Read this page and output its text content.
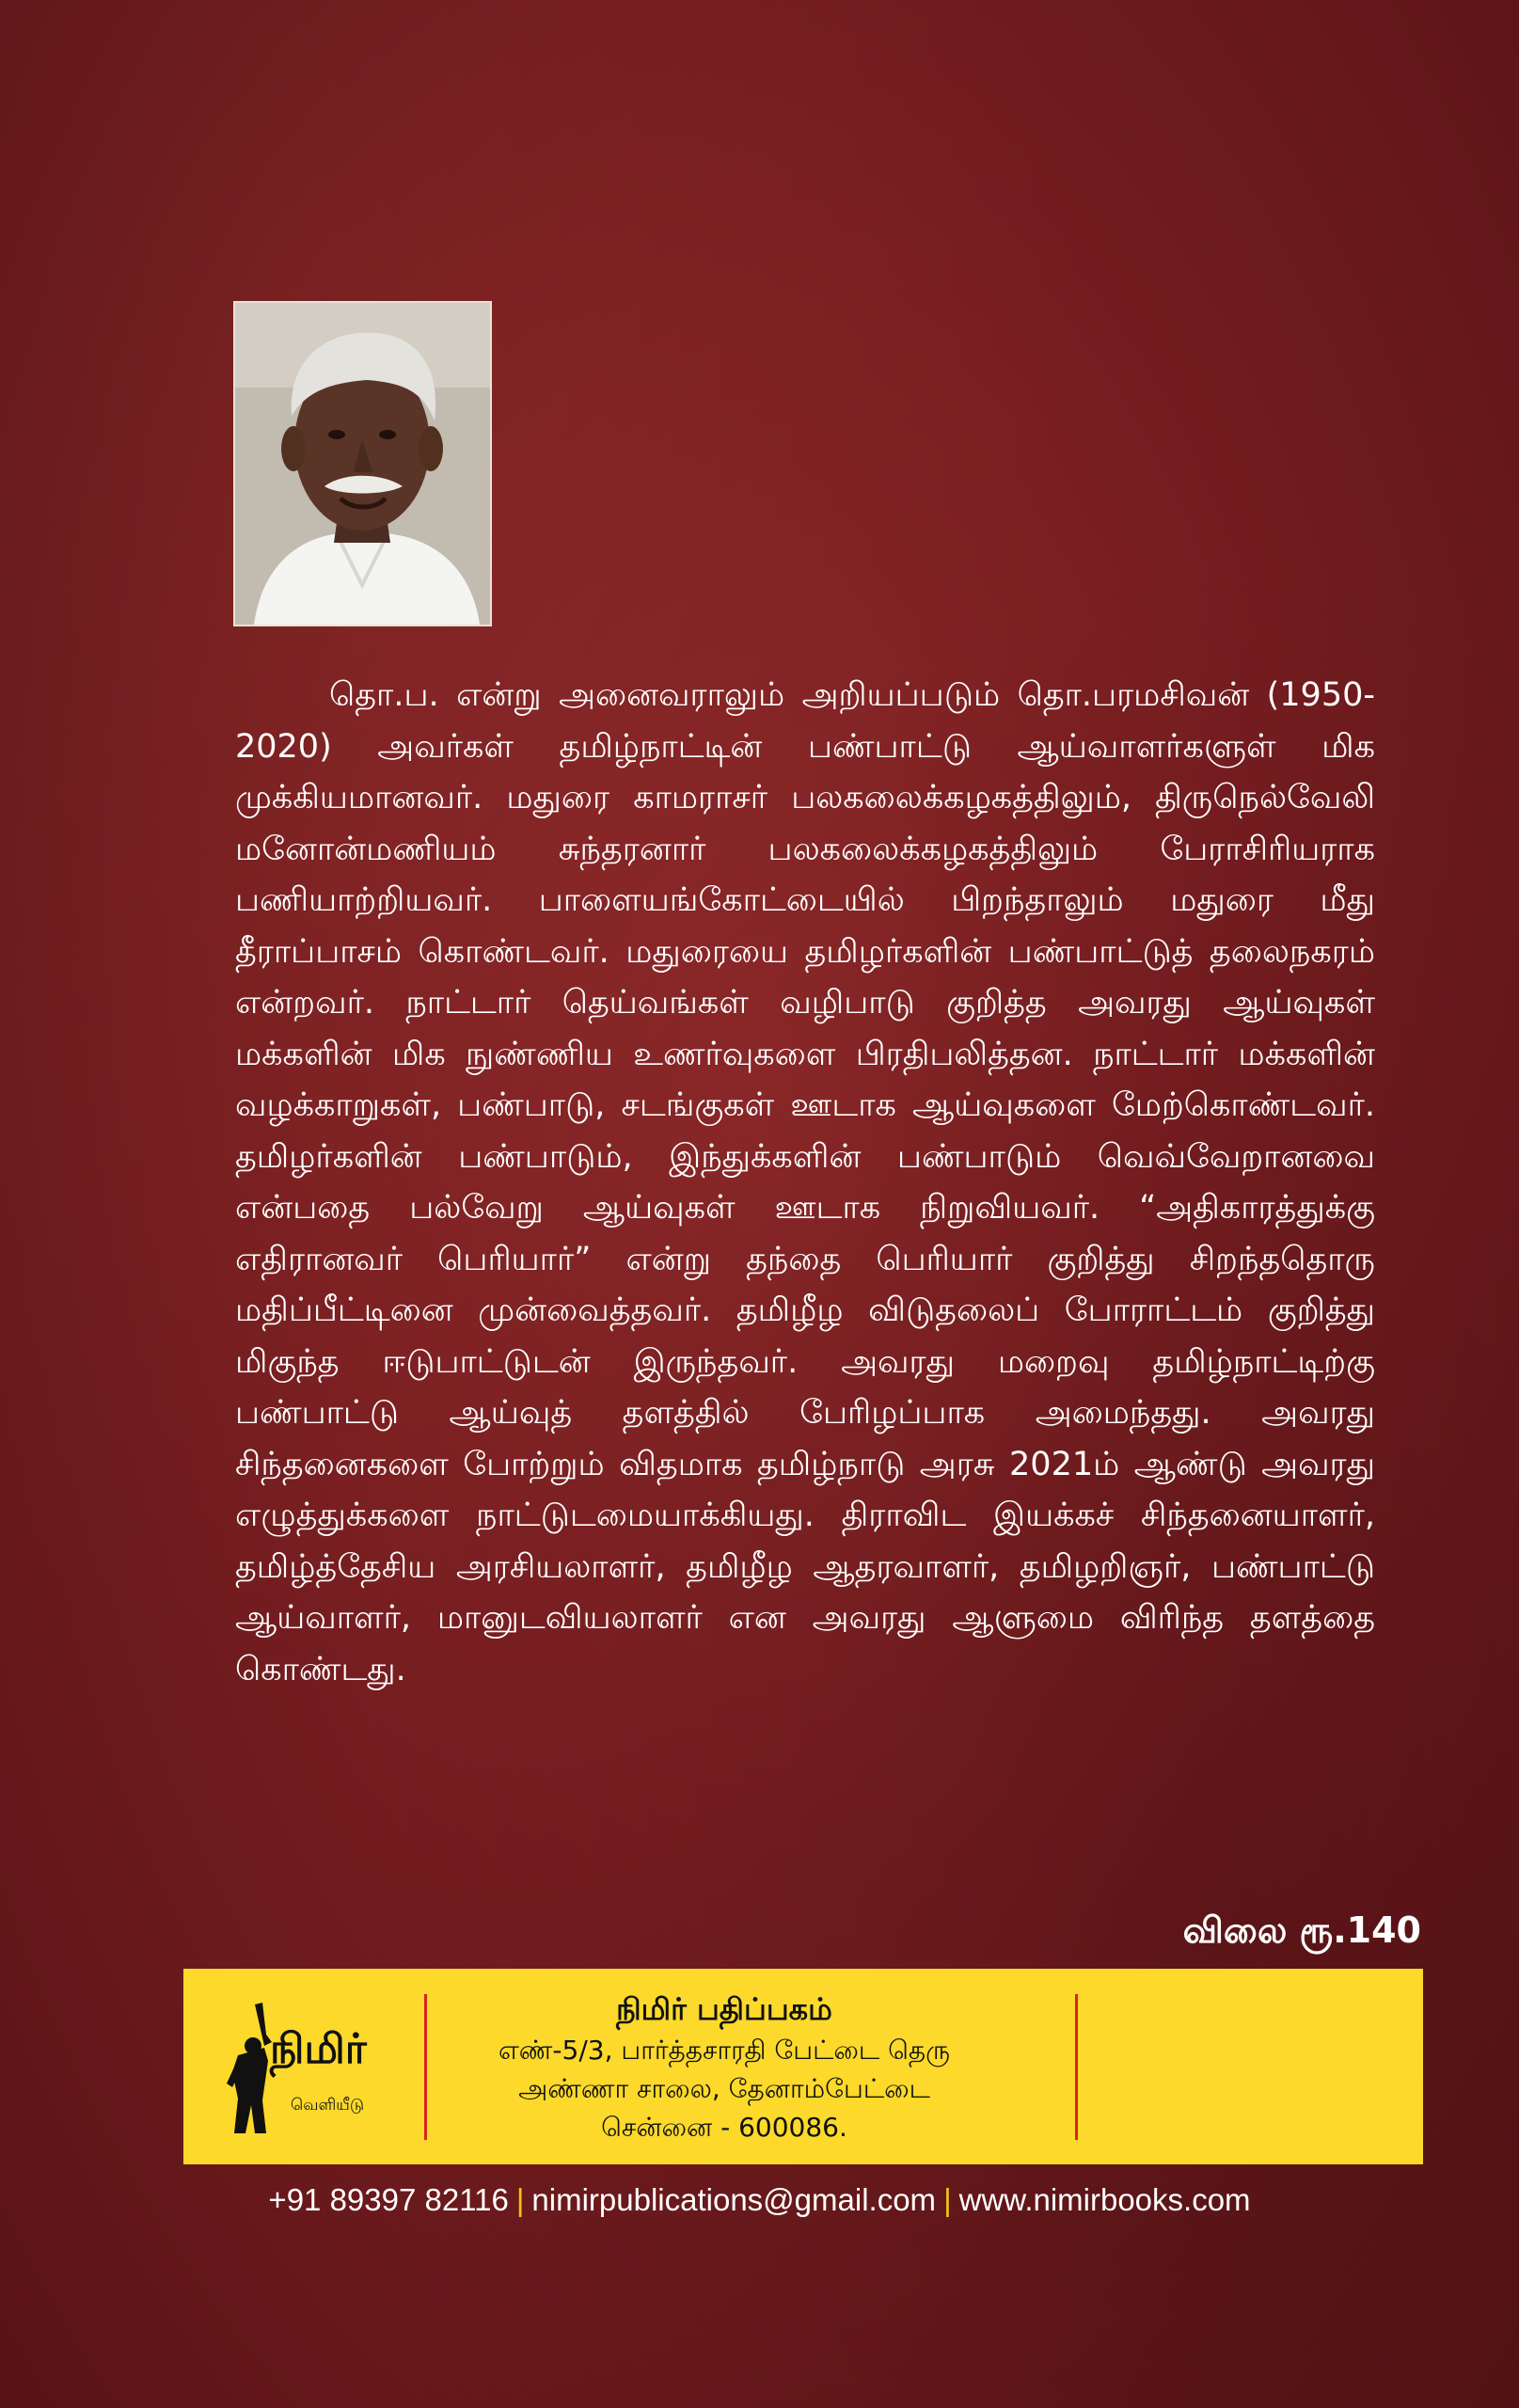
தொ.ப. என்று அனைவராலும் அறியப்படும் தொ.பரமசிவன் (1950-2020) அவர்கள் தமிழ்நாட்டின் பண்பாட்டு ஆய்வாளர்களுள் மிக முக்கியமானவர். மதுரை காமராசர் பலகலைக்கழகத்திலும், திருநெல்வேலி மனோன்மணியம் சுந்தரனார் பலகலைக்கழகத்திலும் பேராசிரியராக பணியாற்றியவர். பாளையங்கோட்டையில் பிறந்தாலும் மதுரை மீது தீராப்பாசம் கொண்டவர். மதுரையை தமிழர்களின் பண்பாட்டுத் தலைநகரம் என்றவர். நாட்டார் தெய்வங்கள் வழிபாடு குறித்த அவரது ஆய்வுகள் மக்களின் மிக நுண்ணிய உணர்வுகளை பிரதிபலித்தன. நாட்டார் மக்களின் வழக்காறுகள், பண்பாடு, சடங்குகள் ஊடாக ஆய்வுகளை மேற்கொண்டவர். தமிழர்களின் பண்பாடும், இந்துக்களின் பண்பாடும் வெவ்வேறானவை என்பதை பல்வேறு ஆய்வுகள் ஊடாக நிறுவியவர். “அதிகாரத்துக்கு எதிரானவர் பெரியார்” என்று தந்தை பெரியார் குறித்து சிறந்ததொரு மதிப்பீட்டினை முன்வைத்தவர். தமிழீழ விடுதலைப் போராட்டம் குறித்து மிகுந்த ஈடுபாட்டுடன் இருந்தவர். அவரது மறைவு தமிழ்நாட்டிற்கு பண்பாட்டு ஆய்வுத் தளத்தில் பேரிழப்பாக அமைந்தது. அவரது சிந்தனைகளை போற்றும் விதமாக தமிழ்நாடு அரசு 2021ம் ஆண்டு அவரது எழுத்துக்களை நாட்டுடமையாக்கியது. திராவிட இயக்கச் சிந்தனையாளர், தமிழ்த்தேசிய அரசியலாளர், தமிழீழ ஆதரவாளர், தமிழறிஞர், பண்பாட்டு ஆய்வாளர், மானுடவியலாளர் என அவரது ஆளுமை விரிந்த தளத்தை கொண்டது.

விலை ரூ.140
நிமிர்
வெளியீடு
நிமிர் பதிப்பகம்
எண்-5/3, பார்த்தசாரதி பேட்டை தெரு
அண்ணா சாலை, தேனாம்பேட்டை
சென்னை - 600086.
+91 89397 82116 | nimirpublications@gmail.com | www.nimirbooks.com
